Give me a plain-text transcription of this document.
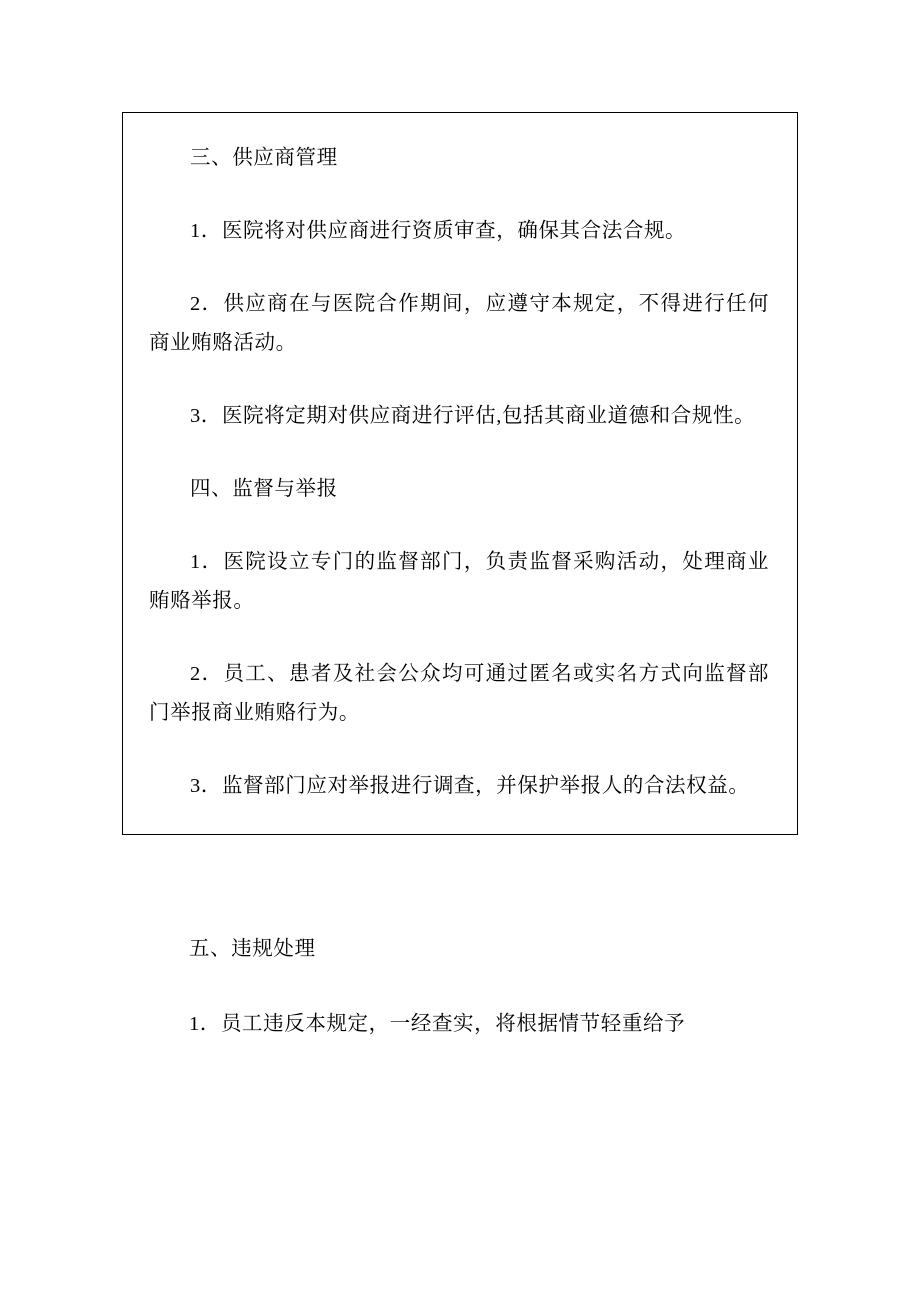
三、供应商管理

1．医院将对供应商进行资质审查，确保其合法合规。

2．供应商在与医院合作期间，应遵守本规定，不得进行任何商业贿赂活动。

3．医院将定期对供应商进行评估,包括其商业道德和合规性。

四、监督与举报

1．医院设立专门的监督部门，负责监督采购活动，处理商业贿赂举报。

2．员工、患者及社会公众均可通过匿名或实名方式向监督部门举报商业贿赂行为。

3．监督部门应对举报进行调查，并保护举报人的合法权益。

五、违规处理

1．员工违反本规定，一经查实，将根据情节轻重给予
